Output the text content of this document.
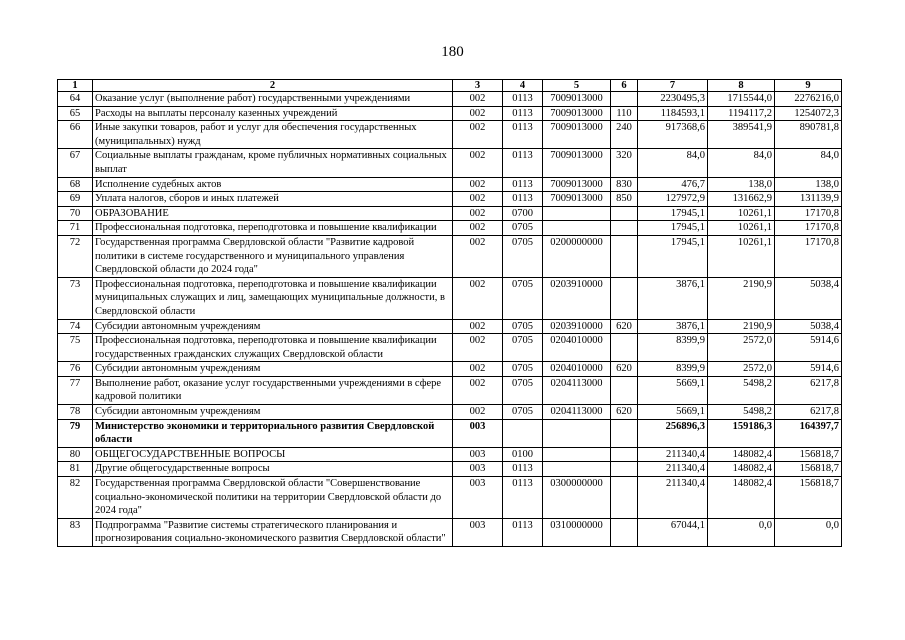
180
1	2	3	4	5	6	7	8	9
64	Оказание услуг (выполнение работ) государственными учреждениями	002	0113	7009013000		2230495,3	1715544,0	2276216,0
65	Расходы на выплаты персоналу казенных учреждений	002	0113	7009013000	110	1184593,1	1194117,2	1254072,3
66	Иные закупки товаров, работ и услуг для обеспечения государственных (муниципальных) нужд	002	0113	7009013000	240	917368,6	389541,9	890781,8
67	Социальные выплаты гражданам, кроме публичных нормативных социальных выплат	002	0113	7009013000	320	84,0	84,0	84,0
68	Исполнение судебных актов	002	0113	7009013000	830	476,7	138,0	138,0
69	Уплата налогов, сборов и иных платежей	002	0113	7009013000	850	127972,9	131662,9	131139,9
70	ОБРАЗОВАНИЕ	002	0700			17945,1	10261,1	17170,8
71	Профессиональная подготовка, переподготовка и повышение квалификации	002	0705			17945,1	10261,1	17170,8
72	Государственная программа Свердловской области "Развитие кадровой политики в системе государственного и муниципального управления Свердловской области до 2024 года"	002	0705	0200000000		17945,1	10261,1	17170,8
73	Профессиональная подготовка, переподготовка и повышение квалификации муниципальных служащих и лиц, замещающих муниципальные должности, в Свердловской области	002	0705	0203910000		3876,1	2190,9	5038,4
74	Субсидии автономным учреждениям	002	0705	0203910000	620	3876,1	2190,9	5038,4
75	Профессиональная подготовка, переподготовка и повышение квалификации государственных гражданских служащих Свердловской области	002	0705	0204010000		8399,9	2572,0	5914,6
76	Субсидии автономным учреждениям	002	0705	0204010000	620	8399,9	2572,0	5914,6
77	Выполнение работ, оказание услуг государственными учреждениями в сфере кадровой политики	002	0705	0204113000		5669,1	5498,2	6217,8
78	Субсидии автономным учреждениям	002	0705	0204113000	620	5669,1	5498,2	6217,8
79	Министерство экономики и территориального развития Свердловской области	003				256896,3	159186,3	164397,7
80	ОБЩЕГОСУДАРСТВЕННЫЕ ВОПРОСЫ	003	0100			211340,4	148082,4	156818,7
81	Другие общегосударственные вопросы	003	0113			211340,4	148082,4	156818,7
82	Государственная программа Свердловской области "Совершенствование социально-экономической политики на территории Свердловской области до 2024 года"	003	0113	0300000000		211340,4	148082,4	156818,7
83	Подпрограмма "Развитие системы стратегического планирования и прогнозирования социально-экономического развития Свердловской области"	003	0113	0310000000		67044,1	0,0	0,0
